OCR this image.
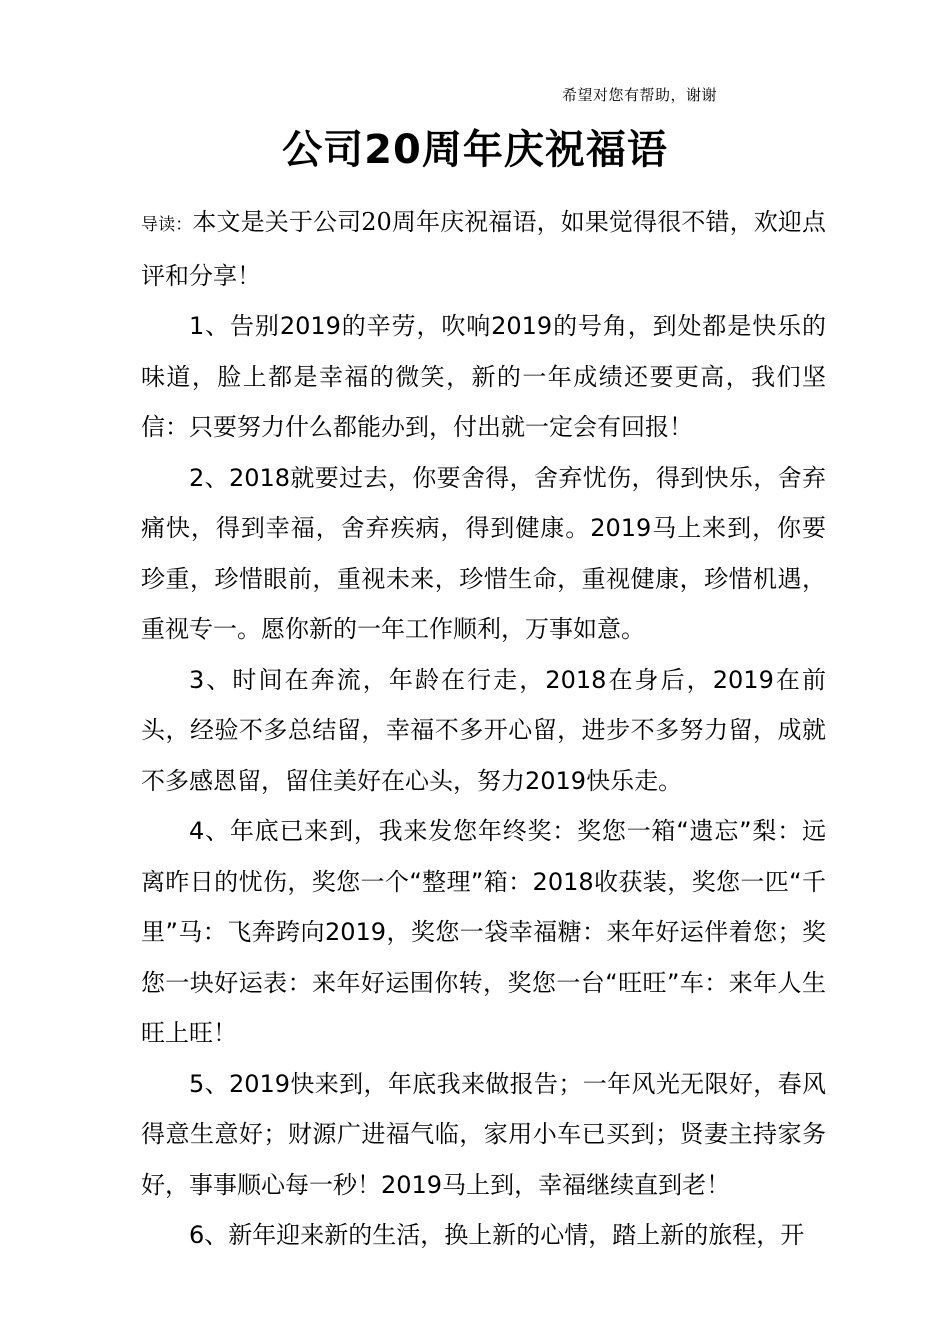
希望对您有帮助，谢谢
公司20周年庆祝福语

导读：本文是关于公司20周年庆祝福语，如果觉得很不错，欢迎点评和分享！

1、告别2019的辛劳，吹响2019的号角，到处都是快乐的味道，脸上都是幸福的微笑，新的一年成绩还要更高，我们坚信：只要努力什么都能办到，付出就一定会有回报！

2、2018就要过去，你要舍得，舍弃忧伤，得到快乐，舍弃痛快，得到幸福，舍弃疾病，得到健康。2019马上来到，你要珍重，珍惜眼前，重视未来，珍惜生命，重视健康，珍惜机遇，重视专一。愿你新的一年工作顺利，万事如意。

3、时间在奔流，年龄在行走，2018在身后，2019在前头，经验不多总结留，幸福不多开心留，进步不多努力留，成就不多感恩留，留住美好在心头，努力2019快乐走。

4、年底已来到，我来发您年终奖：奖您一箱“遗忘”梨：远离昨日的忧伤，奖您一个“整理”箱：2018收获装，奖您一匹“千里”马：飞奔跨向2019，奖您一袋幸福糖：来年好运伴着您；奖您一块好运表：来年好运围你转，奖您一台“旺旺”车：来年人生旺上旺！

5、2019快来到，年底我来做报告；一年风光无限好，春风得意生意好；财源广进福气临，家用小车已买到；贤妻主持家务好，事事顺心每一秒！2019马上到，幸福继续直到老！

6、新年迎来新的生活，换上新的心情，踏上新的旅程，开
